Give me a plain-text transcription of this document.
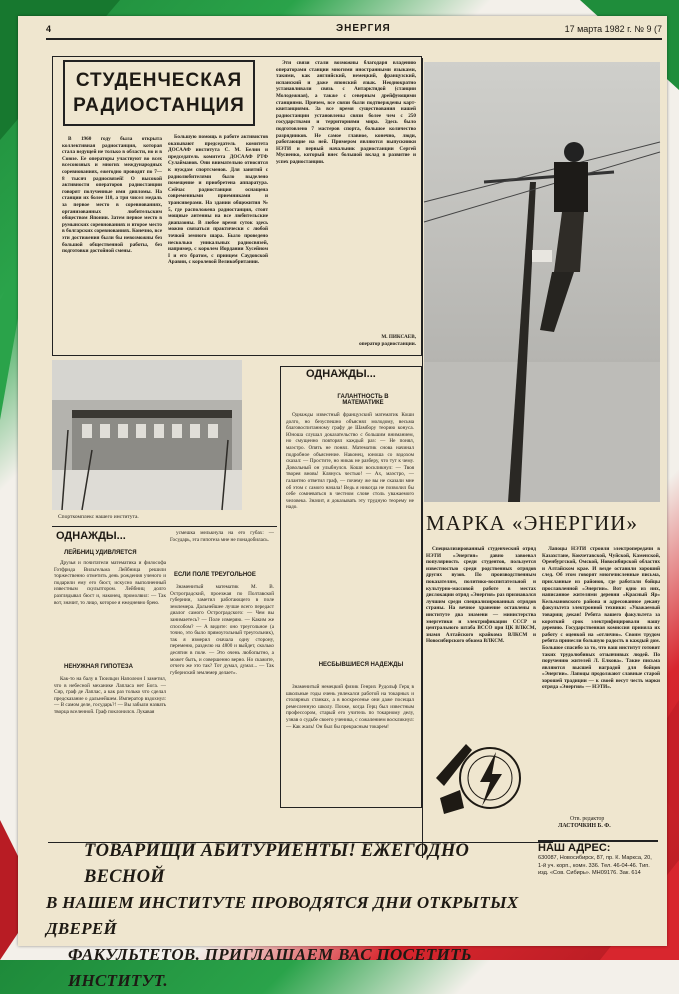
4	ЭНЕРГИЯ	17 марта 1982 г. № 9 (7
СТУДЕНЧЕСКАЯ
РАДИОСТАНЦИЯ

В 1960 году была открыта коллективная радиостанция, которая стала ведущей не только в области, но и в Союзе. Ее операторы участвуют во всех всесоюзных и многих международных соревнованиях, ежегодно проводят по 7—8 тысяч радиосвязей! О высокой активности операторов радиостанции говорят полученные ими дипломы. На станции их более 110, а три чисел медаль за первое место в соревнованиях, организованных любительским обществом Японии. Затем первое место в румынских соревнованиях и второе место в болгарских соревнованиях. Конечно, все эти достижения были бы невозможны без большой общественной работы, без подготовки достойной смены.

Большую помощь в работе активистов оказывают председатель комитета ДОСААФ института С. М. Белин и председатель комитета ДОСААФ РТФ Сулайманов. Они внимательно относятся к нуждам спортсменов. Для занятий с радиолюбителями было выделено помещение и приобретена аппаратура. Сейчас радиостанция оснащена современными приемниками и трансиверами. На здании общежития № 5, где расположена радиостанция, стоят мощные антенны на все любительские диапазоны. В любое время суток здесь можно связаться практически с любой точкой земного шара. Было проведено несколько уникальных радиосвязей, например, с королем Иордании Хусейном I и его братом, с принцем Саудовской Аравии, с королевой Великобритании.

Эти связи стали возможны благодаря владению операторами станции многими иностранными языками, такими, как английский, немецкий, французский, испанский и даже японский язык. Неоднократно устанавливали связь с Антарктидой (станции Молодежная), а также с северным дрейфующими станциями. Причем, все связи были подтверждены карт-квитанциями. За все время существования нашей радиостанции установлены связи более чем с 250 государствами и территориями мира. Здесь было подготовлено 7 мастеров спорта, большое количество разрядников. Не самое главное, конечно, люди, работающие на ней. Примером являются выпускники НЭТИ и первый начальник радиостанции Сергей Мусиенко, который внес большой вклад в развитие и успех радиостанции.

М. ПИКСАЕВ,
оператор радиостанции.
Спорткомплекс нашего института.
ОДНАЖДЫ...
ГАЛАНТНОСТЬ В МАТЕМАТИКЕ

Однажды известный французский математик Коши долго, но безуспешно объяснял молодому, весьма благовоспитанному графу де Шамбору теорию конуса. Юноша слушал доказательство с большим вниманием, но смущенно повторял каждый раз: — Не понял, маэстро. Опять не понял. Математик снова начинал подробное объяснение. Наконец, юноша со вздохом сказал: — Простите, но никак не разберу, что тут к чему. Довольный он улыбнулся. Коши воскликнул: — Твоя творея вновь! Клянусь честью! — Ах, маэстро, — галантно ответил граф, — почему же вы не сказали мне об этом с самого начала! Ведь я никогда не позволил бы себе сомневаться в честном слове столь уважаемого человека. Значит, я доказывать эту трудную теорему не надо.

НЕСБЫВШИЕСЯ НАДЕЖДЫ

Знаменитый немецкий физик Генрих Рудольф Герц в школьные годы очень увлекался работой на токарных и столярных станках, а в воскресенье они даже посещал ремесленную школу. Позже, когда Герц был известным профессором, старый его учитель по токарному делу, узнав о судьбе своего ученика, с сожалением воскликнул: — Как жаль! Он был бы прекрасным токарем!

ОДНАЖДЫ...
ЛЕЙБНИЦ УДИВЛЯЕТСЯ

Друзья и почитатели математика и философа Готфрида Вильгельма Лейбница решили торжественно отметить день рождения ученого и подарили ему его бюст, искусно выполненный известным скульптором. Лейбниц долго разглядывал бюст и, наконец, промолвил: — Так вот, значит, то лицо, которое я ежедневно брею.

НЕНУЖНАЯ ГИПОТЕЗА

Как-то на балу в Тюильри Наполеон I заметил, что в небесной механике Лапласа нет Бога. — Сир, граф де Лаплас, а как раз только что сделал предсказание о дальнейшем. Император вздохнул: — В самом деле, государь?! — Вы забыли назвать творца вселенной. Граф поклонился. Лукавая

усмешка мелькнула на его губах: — Государь, эта гипотеза мне не понадобилась.

ЕСЛИ ПОЛЕ ТРЕУГОЛЬНОЕ

Знаменитый математик М. В. Остроградский, проезжая по Полтавской губернии, заметил работающего в поле землемера. Дальнейшее лучше всего передаст диалог самого Остроградского: — Чем вы занимаетесь? — Поле измеряю. — Каким же способом? — А видите: оно треугольное (а точно, это было прямоугольный треугольник), так я измерил сначала одну сторону, переменю, разделю на 4800 и выйдет, сколько десятин в поле. — Это очень любопытно, а может быть, и совершенно верно. Но скажите, отчего же это так? Тот думал, думал... — Так губернский землемер делает».

МАРКА «ЭНЕРГИИ»

Специализированный студенческий отряд НЭТИ «Энергия» давно завоевал популярность среди студентов, пользуется известностью среди родственных отрядов других вузов. По производственным показателям, политико-воспитательной и культурно-массовой работе в местах дислокации отряд «Энергия» раз признавался лучшим среди специализированных отрядов страны. На вечное хранение оставлены в институте два знамени — министерства энергетики и электрификации СССР и центрального штаба ВССО при ЦК ВЛКСМ, знамя Алтайского крайкома ВЛКСМ и Новосибирского обкома ВЛКСМ.

Лапоцы НЭТИ строили электропередачи в Казахстане, Кокчетавской, Чуйской, Каменской, Оренбургской, Омской, Новосибирской областях и Алтайском крае. И везде оставили хороший след. Об этом говорят многочисленные письма, присланные из районов, где работали бойцы прославленной «Энергии». Вот одно из них, написанное жителями деревни «Красный Яр» Кельмановского района и адресованное декану факультета электронной техники: «Уважаемый товарищ декан! Ребята вашего факультета за короткий срок электрифицировали нашу деревню. Государственная комиссия приняла их работу с оценкой на «отлично». Своим трудом ребята принесли большую радость в каждый дом. Большое спасибо за то, что ваш институт готовит таких трудолюбивых отзывчивых людей. По поручению жителей Л. Елкова». Такие письма являются высшей наградой для бойцов «Энергии». Лапоцы продолжают славные старой хорошей традиции — к своей несут честь марки отряда «Энергия» — НЭТИ».

ТОВАРИЩИ АБИТУРИЕНТЫ! ЕЖЕГОДНО ВЕСНОЙ
В НАШЕМ ИНСТИТУТЕ ПРОВОДЯТСЯ ДНИ ОТКРЫТЫХ ДВЕРЕЙ
ФАКУЛЬТЕТОВ. ПРИГЛАШАЕМ ВАС ПОСЕТИТЬ ИНСТИТУТ.
Отв. редактор
ЛАСТОЧКИН Б. Ф.
НАШ АДРЕС:
630087, Новосибирск, 87, пр. К. Маркса, 20, 1-й уч. корп., комн. 336. Тел. 46-04-46. Тип. изд. «Сов. Сибирь». МН09176. Зак. 614
